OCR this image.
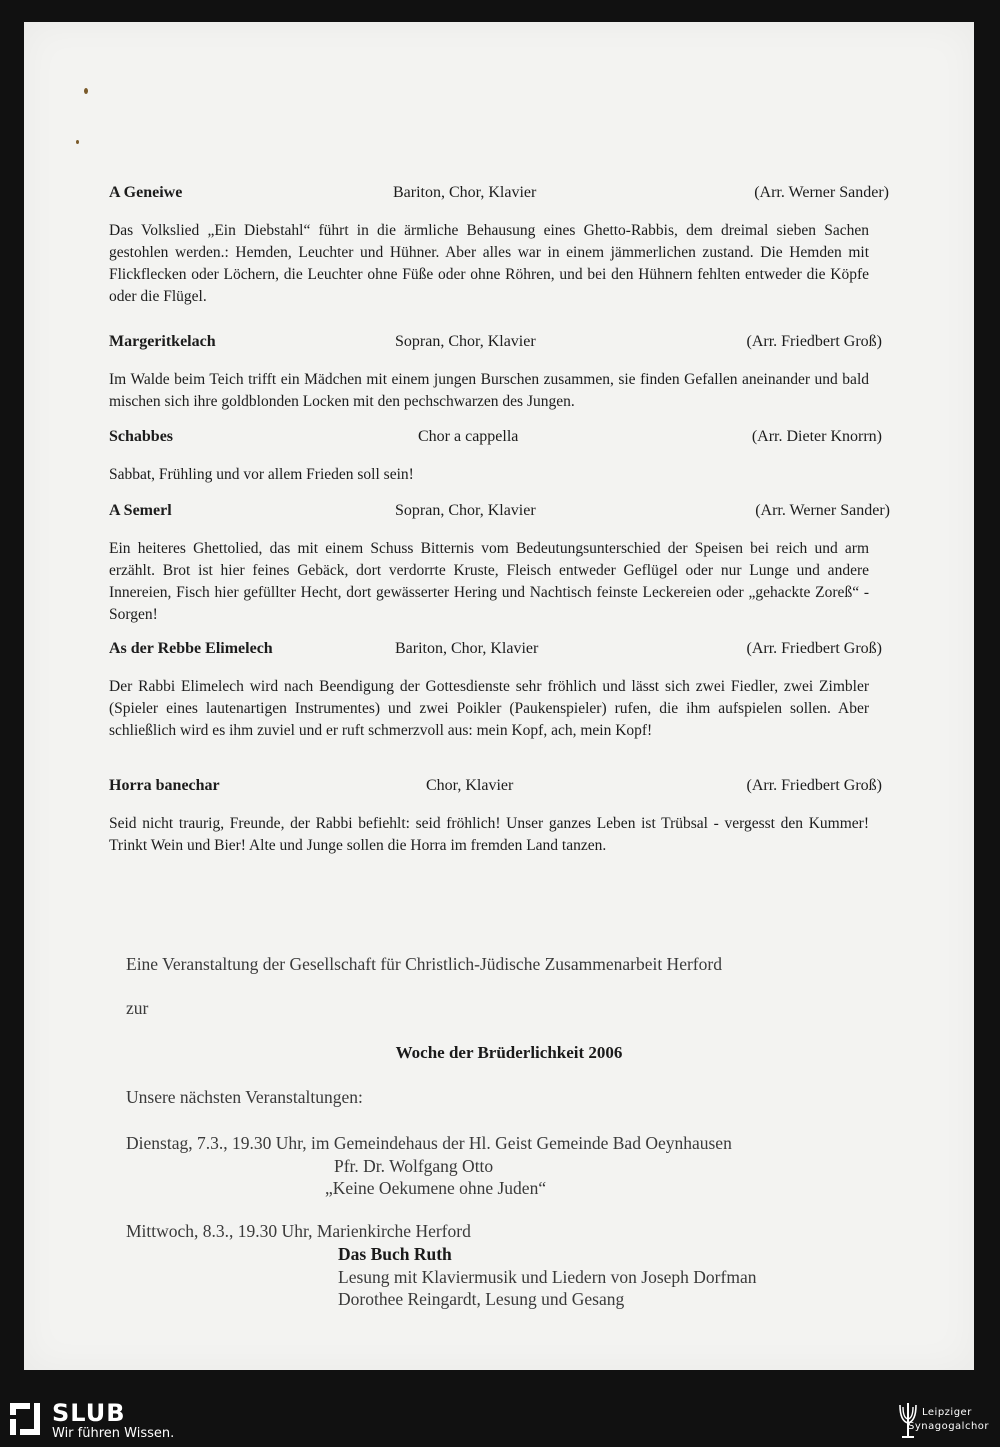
A Geneiwe	Bariton, Chor, Klavier	(Arr. Werner Sander)
Das Volkslied „Ein Diebstahl“ führt in die ärmliche Behausung eines Ghetto-Rabbis, dem dreimal sieben Sachen gestohlen werden.: Hemden, Leuchter und Hühner. Aber alles war in einem jämmerlichen zustand. Die Hemden mit Flickflecken oder Löchern, die Leuchter ohne Füße oder ohne Röhren, und bei den Hühnern fehlten entweder die Köpfe oder die Flügel.
Margeritkelach	Sopran, Chor, Klavier	(Arr. Friedbert Groß)
Im Walde beim Teich trifft ein Mädchen mit einem jungen Burschen zusammen, sie finden Gefallen aneinander und bald mischen sich ihre goldblonden Locken mit den pechschwarzen des Jungen.
Schabbes	Chor a cappella	(Arr. Dieter Knorrn)
Sabbat, Frühling und vor allem Frieden soll sein!
A Semerl	Sopran, Chor, Klavier	(Arr. Werner Sander)
Ein heiteres Ghettolied, das mit einem Schuss Bitternis vom Bedeutungsunterschied der Speisen bei reich und arm erzählt. Brot ist hier feines Gebäck, dort verdorrte Kruste, Fleisch entweder Geflügel oder nur Lunge und andere Innereien, Fisch hier gefüllter Hecht, dort gewässerter Hering und Nachtisch feinste Leckereien oder „gehackte Zoreß“ - Sorgen!
As der Rebbe Elimelech	Bariton, Chor, Klavier	(Arr. Friedbert Groß)
Der Rabbi Elimelech wird nach Beendigung der Gottesdienste sehr fröhlich und lässt sich zwei Fiedler, zwei Zimbler (Spieler eines lautenartigen Instrumentes) und zwei Poikler (Paukenspieler) rufen, die ihm aufspielen sollen. Aber schließlich wird es ihm zuviel und er ruft schmerzvoll aus: mein Kopf, ach, mein Kopf!
Horra banechar	Chor, Klavier	(Arr. Friedbert Groß)
Seid nicht traurig, Freunde, der Rabbi befiehlt: seid fröhlich! Unser ganzes Leben ist Trübsal - vergesst den Kummer! Trinkt Wein und Bier! Alte und Junge sollen die Horra im fremden Land tanzen.
Eine Veranstaltung der Gesellschaft für Christlich-Jüdische Zusammenarbeit Herford
zur
Woche der Brüderlichkeit 2006
Unsere nächsten Veranstaltungen:
Dienstag, 7.3., 19.30 Uhr, im Gemeindehaus der Hl. Geist Gemeinde Bad Oeynhausen
Pfr. Dr. Wolfgang Otto
„Keine Oekumene ohne Juden“
Mittwoch, 8.3., 19.30 Uhr, Marienkirche Herford
Das Buch Ruth
Lesung mit Klaviermusik und Liedern von Joseph Dorfman
Dorothee Reingardt, Lesung und Gesang
SLUB
Wir führen Wissen.
Leipziger
Synagogalchor
